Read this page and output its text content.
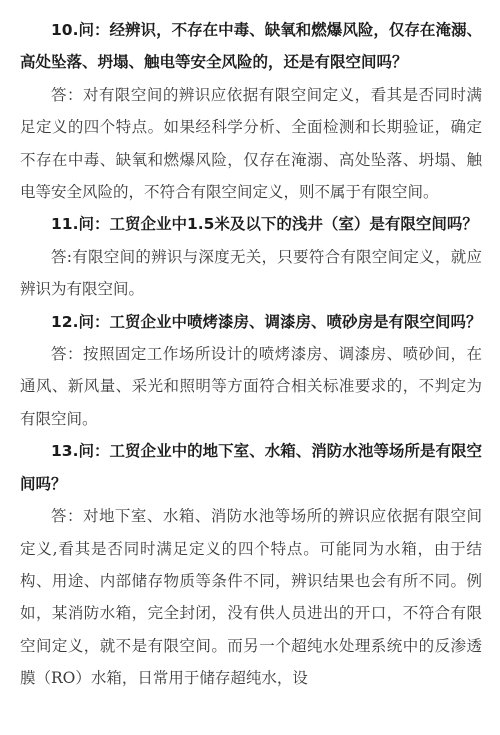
10.问：经辨识，不存在中毒、缺氧和燃爆风险，仅存在淹溺、高处坠落、坍塌、触电等安全风险的，还是有限空间吗？

答：对有限空间的辨识应依据有限空间定义，看其是否同时满足定义的四个特点。如果经科学分析、全面检测和长期验证，确定不存在中毒、缺氧和燃爆风险，仅存在淹溺、高处坠落、坍塌、触电等安全风险的，不符合有限空间定义，则不属于有限空间。

11.问：工贸企业中1.5米及以下的浅井（室）是有限空间吗？

答:有限空间的辨识与深度无关，只要符合有限空间定义，就应辨识为有限空间。

12.问：工贸企业中喷烤漆房、调漆房、喷砂房是有限空间吗？

答：按照固定工作场所设计的喷烤漆房、调漆房、喷砂间，在通风、新风量、采光和照明等方面符合相关标准要求的，不判定为有限空间。

13.问：工贸企业中的地下室、水箱、消防水池等场所是有限空间吗？

答：对地下室、水箱、消防水池等场所的辨识应依据有限空间定义,看其是否同时满足定义的四个特点。可能同为水箱，由于结构、用途、内部储存物质等条件不同，辨识结果也会有所不同。例如，某消防水箱，完全封闭，没有供人员进出的开口，不符合有限空间定义，就不是有限空间。而另一个超纯水处理系统中的反渗透膜（RO）水箱，日常用于储存超纯水，设
